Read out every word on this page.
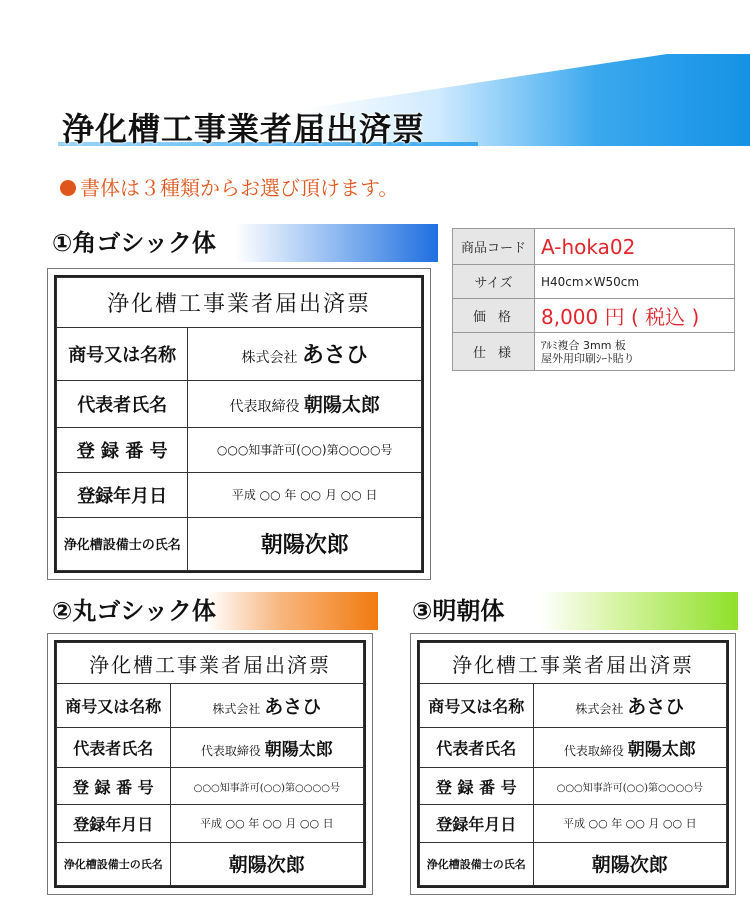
浄化槽工事業者届出済票
書体は３種類からお選び頂けます。
①角ゴシック体
浄化槽工事業者届出済票	
商号又は名称	株式会社 あさひ
代表者氏名	代表取締役 朝陽太郎
登 録 番 号	○○○知事許可(○○)第○○○○号
登録年月日	平成 ○○ 年 ○○ 月 ○○ 日
浄化槽設備士の氏名	朝陽次郎
商品コード	A-hoka02
サイズ	H40cm×W50cm
価格	8,000 円 ( 税込 )
仕様	ｱﾙﾐ複合 3mm 板
屋外用印刷ｼｰﾄ貼り
②丸ゴシック体
浄化槽工事業者届出済票	
商号又は名称	株式会社 あさひ
代表者氏名	代表取締役 朝陽太郎
登 録 番 号	○○○知事許可(○○)第○○○○号
登録年月日	平成 ○○ 年 ○○ 月 ○○ 日
浄化槽設備士の氏名	朝陽次郎
③明朝体
浄化槽工事業者届出済票	
商号又は名称	株式会社 あさひ
代表者氏名	代表取締役 朝陽太郎
登 録 番 号	○○○知事許可(○○)第○○○○号
登録年月日	平成 ○○ 年 ○○ 月 ○○ 日
浄化槽設備士の氏名	朝陽次郎
